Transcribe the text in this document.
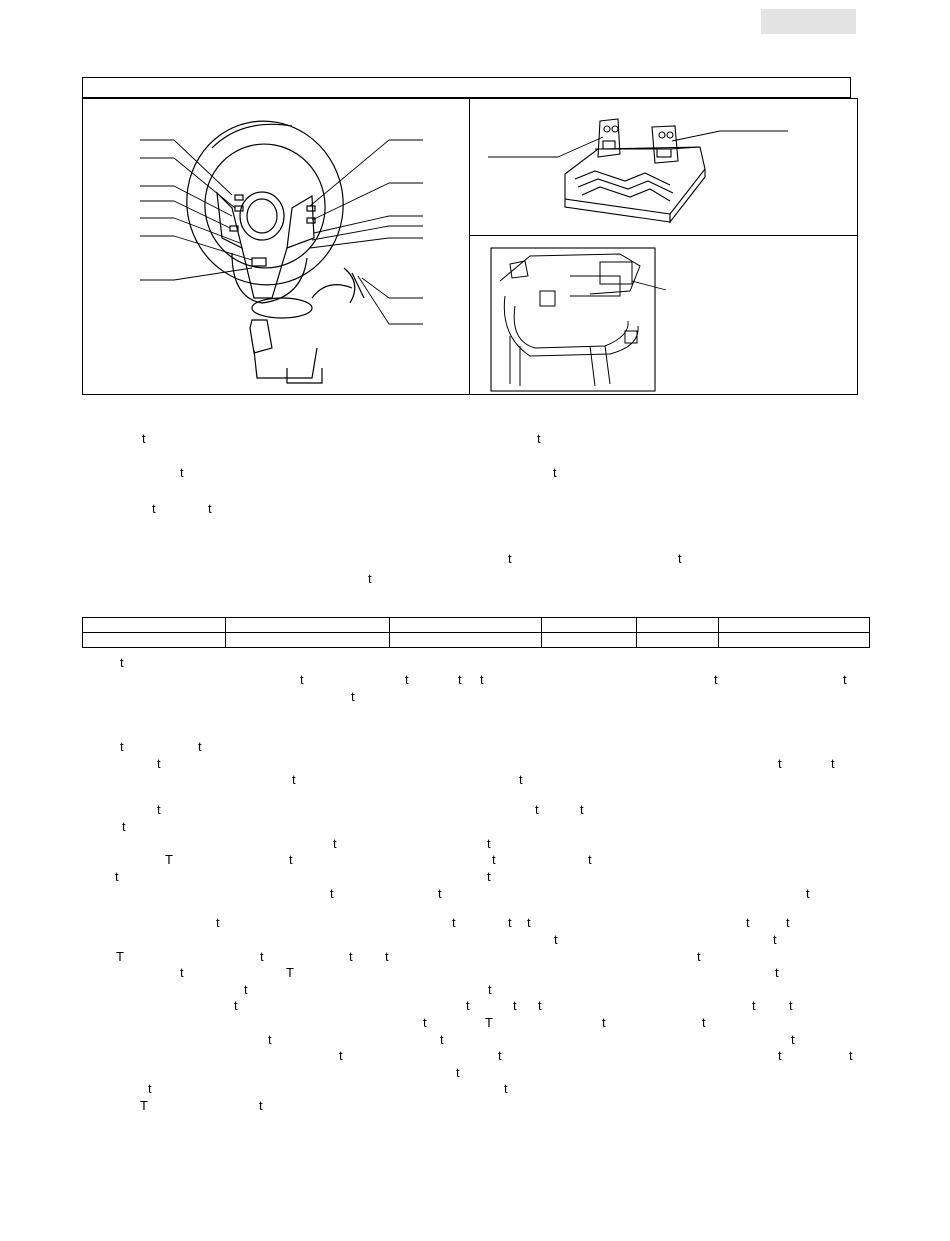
t	t
t	t
t	t
t	t
t
t
t	t	t t	t	t
t
t	t
t	t	t
t	t
t	t	t
t
t	t
T	t	t	t
t	t
t	t	t
t	t	t t	t	t
t	t
T	t	t t	t
t	T	t
t	t
t	t	t t	t	t
t	T	t	t
t	t	t
t	t	t	t
t
t	t
T	t
